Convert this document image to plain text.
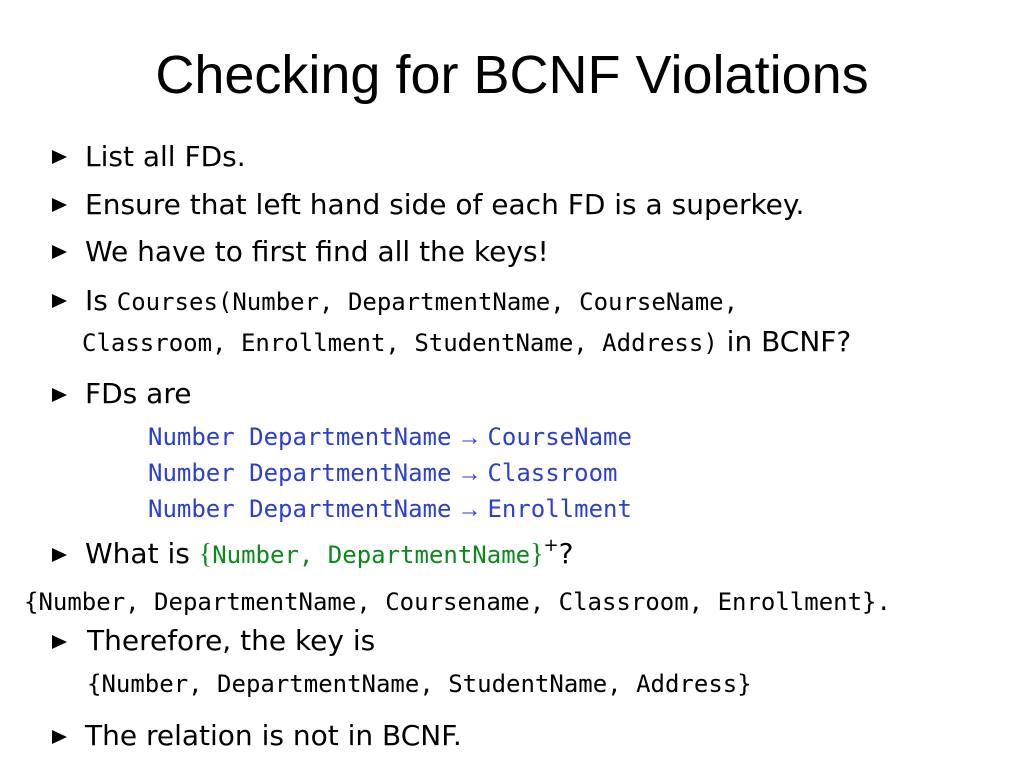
Checking for BCNF Violations
List all FDs.
Ensure that left hand side of each FD is a superkey.
We have to first find all the keys!
Is Courses(Number, DepartmentName, CourseName,
Classroom, Enrollment, StudentName, Address) in BCNF?
FDs are
Number DepartmentName → CourseName
Number DepartmentName → Classroom
Number DepartmentName → Enrollment
What is {Number, DepartmentName}+?
{Number, DepartmentName, Coursename, Classroom, Enrollment}.
Therefore, the key is
{Number, DepartmentName, StudentName, Address}
The relation is not in BCNF.
